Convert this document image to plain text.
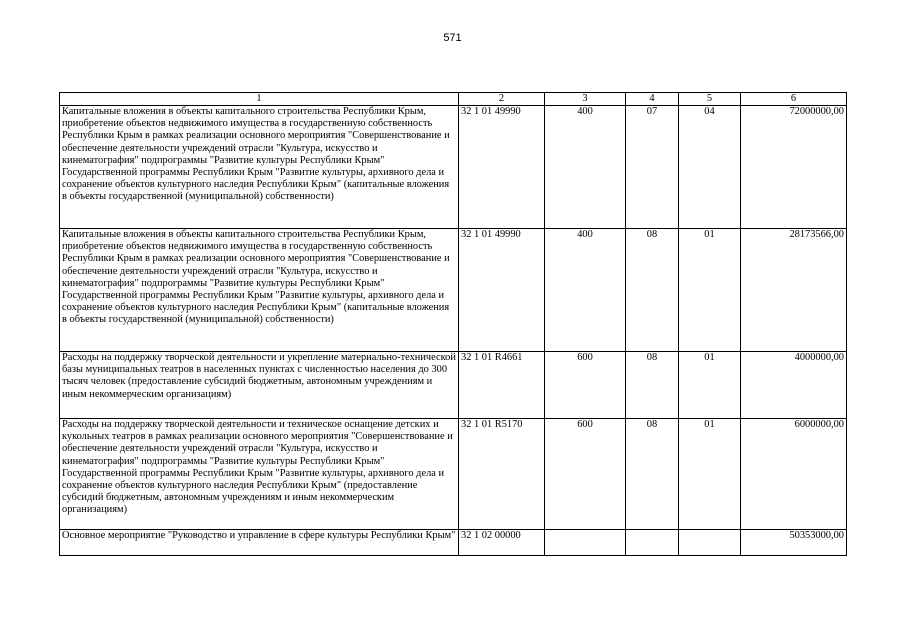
571
1	2	3	4	5	6
Капитальные вложения в объекты капитального строительства Республики Крым, приобретение объектов недвижимого имущества в государственную собственность Республики Крым в рамках реализации основного мероприятия "Совершенствование и обеспечение деятельности учреждений отрасли "Культура, искусство и кинематография" подпрограммы "Развитие культуры Республики Крым" Государственной программы Республики Крым "Развитие культуры, архивного дела и сохранение объектов культурного наследия Республики Крым" (капитальные вложения в объекты государственной (муниципальной) собственности)	32 1 01 49990	400	07	04	72000000,00
Капитальные вложения в объекты капитального строительства Республики Крым, приобретение объектов недвижимого имущества в государственную собственность Республики Крым в рамках реализации основного мероприятия "Совершенствование и обеспечение деятельности учреждений отрасли "Культура, искусство и кинематография" подпрограммы "Развитие культуры Республики Крым" Государственной программы Республики Крым "Развитие культуры, архивного дела и сохранение объектов культурного наследия Республики Крым" (капитальные вложения в объекты государственной (муниципальной) собственности)	32 1 01 49990	400	08	01	28173566,00
Расходы на поддержку творческой деятельности и укрепление материально-технической базы муниципальных театров в населенных пунктах с численностью населения до 300 тысяч человек (предоставление субсидий бюджетным, автономным учреждениям и иным некоммерческим организациям)	32 1 01 R4661	600	08	01	4000000,00
Расходы на поддержку творческой деятельности и техническое оснащение детских и кукольных театров в рамках реализации основного мероприятия "Совершенствование и обеспечение деятельности учреждений отрасли "Культура, искусство и кинематография" подпрограммы "Развитие культуры Республики Крым" Государственной программы Республики Крым "Развитие культуры, архивного дела и сохранение объектов культурного наследия Республики Крым" (предоставление субсидий бюджетным, автономным учреждениям и иным некоммерческим организациям)	32 1 01 R5170	600	08	01	6000000,00
Основное мероприятие "Руководство и управление в сфере культуры Республики Крым"	32 1 02 00000				50353000,00
